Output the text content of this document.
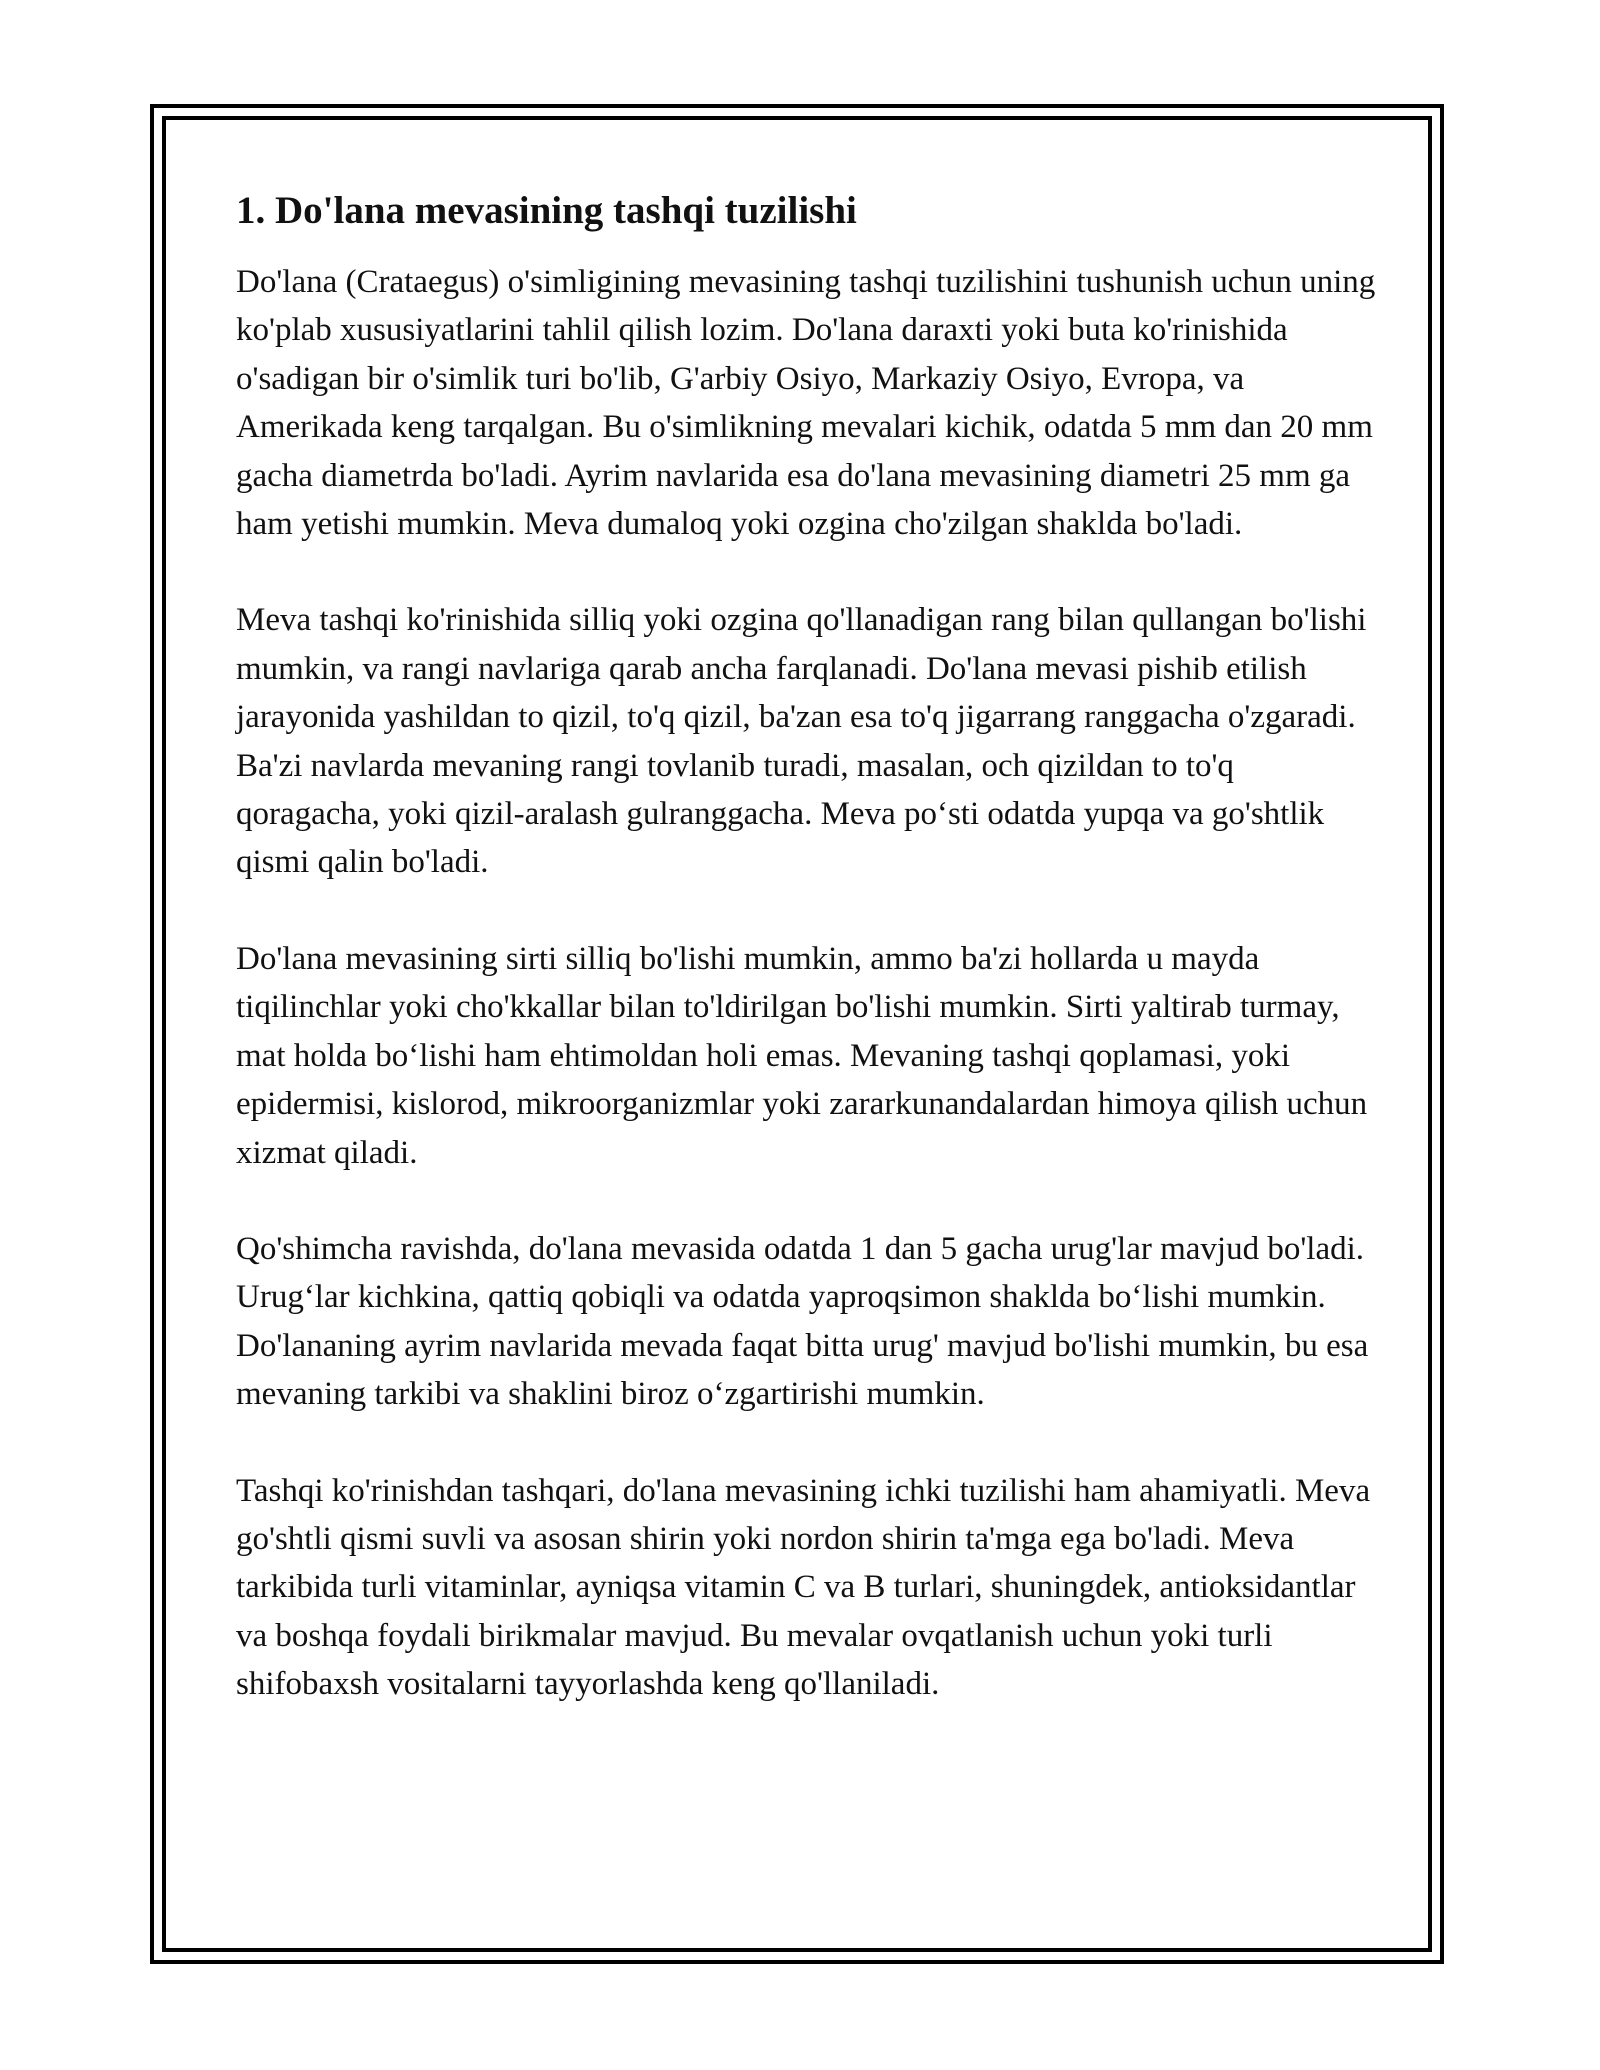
1. Do'lana mevasining tashqi tuzilishi

Do'lana (Crataegus) o'simligining mevasining tashqi tuzilishini tushunish uchun uning ko'plab xususiyatlarini tahlil qilish lozim. Do'lana daraxti yoki buta ko'rinishida o'sadigan bir o'simlik turi bo'lib, G'arbiy Osiyo, Markaziy Osiyo, Evropa, va Amerikada keng tarqalgan. Bu o'simlikning mevalari kichik, odatda 5 mm dan 20 mm gacha diametrda bo'ladi. Ayrim navlarida esa do'lana mevasining diametri 25 mm ga ham yetishi mumkin. Meva dumaloq yoki ozgina cho'zilgan shaklda bo'ladi.

Meva tashqi ko'rinishida silliq yoki ozgina qo'llanadigan rang bilan qullangan bo'lishi mumkin, va rangi navlariga qarab ancha farqlanadi. Do'lana mevasi pishib etilish jarayonida yashildan to qizil, to'q qizil, ba'zan esa to'q jigarrang ranggacha o'zgaradi. Ba'zi navlarda mevaning rangi tovlanib turadi, masalan, och qizildan to to'q qoragacha, yoki qizil-aralash gulranggacha. Meva po‘sti odatda yupqa va go'shtlik qismi qalin bo'ladi.

Do'lana mevasining sirti silliq bo'lishi mumkin, ammo ba'zi hollarda u mayda tiqilinchlar yoki cho'kkallar bilan to'ldirilgan bo'lishi mumkin. Sirti yaltirab turmay, mat holda bo‘lishi ham ehtimoldan holi emas. Mevaning tashqi qoplamasi, yoki epidermisi, kislorod, mikroorganizmlar yoki zararkunandalardan himoya qilish uchun xizmat qiladi.

Qo'shimcha ravishda, do'lana mevasida odatda 1 dan 5 gacha urug'lar mavjud bo'ladi. Urug‘lar kichkina, qattiq qobiqli va odatda yaproqsimon shaklda bo‘lishi mumkin. Do'lananing ayrim navlarida mevada faqat bitta urug' mavjud bo'lishi mumkin, bu esa mevaning tarkibi va shaklini biroz o‘zgartirishi mumkin.

Tashqi ko'rinishdan tashqari, do'lana mevasining ichki tuzilishi ham ahamiyatli. Meva go'shtli qismi suvli va asosan shirin yoki nordon shirin ta'mga ega bo'ladi. Meva tarkibida turli vitaminlar, ayniqsa vitamin C va B turlari, shuningdek, antioksidantlar va boshqa foydali birikmalar mavjud. Bu mevalar ovqatlanish uchun yoki turli shifobaxsh vositalarni tayyorlashda keng qo'llaniladi.
